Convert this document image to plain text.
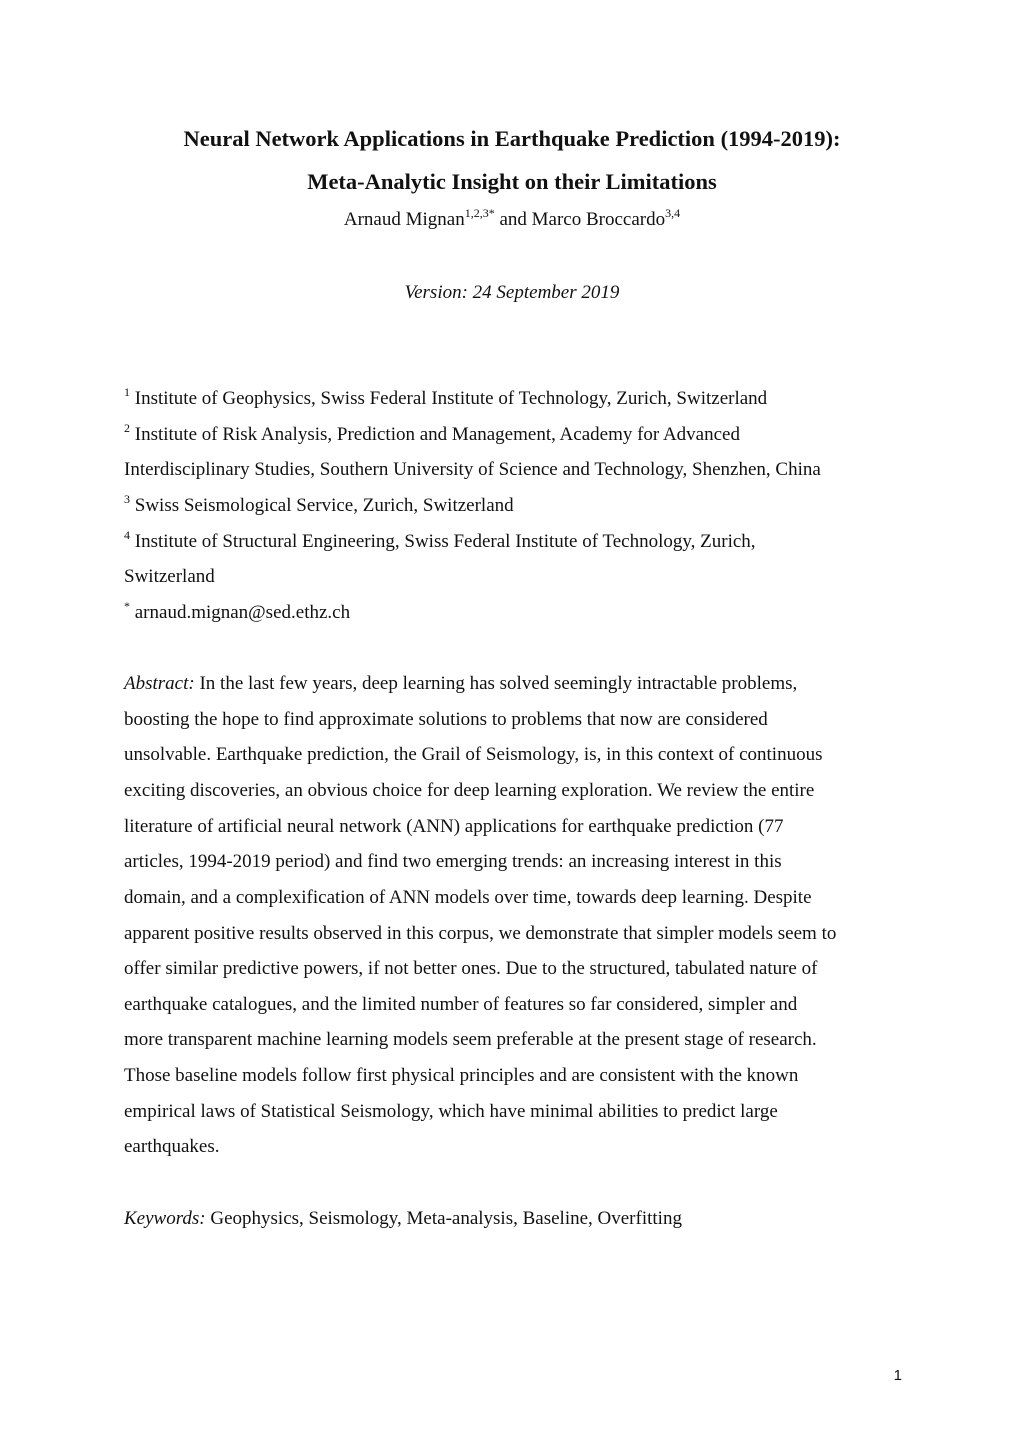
Neural Network Applications in Earthquake Prediction (1994-2019):
Meta-Analytic Insight on their Limitations
Arnaud Mignan$^{1,2,3*}$ and Marco Broccardo$^{3,4}$
Version: 24 September 2019
$^1$ Institute of Geophysics, Swiss Federal Institute of Technology, Zurich, Switzerland
$^2$ Institute of Risk Analysis, Prediction and Management, Academy for Advanced
Interdisciplinary Studies, Southern University of Science and Technology, Shenzhen, China
$^3$ Swiss Seismological Service, Zurich, Switzerland
$^4$ Institute of Structural Engineering, Swiss Federal Institute of Technology, Zurich,
Switzerland
* arnaud.mignan@sed.ethz.ch
Abstract: In the last few years, deep learning has solved seemingly intractable problems,
boosting the hope to find approximate solutions to problems that now are considered
unsolvable. Earthquake prediction, the Grail of Seismology, is, in this context of continuous
exciting discoveries, an obvious choice for deep learning exploration. We review the entire
literature of artificial neural network (ANN) applications for earthquake prediction (77
articles, 1994-2019 period) and find two emerging trends: an increasing interest in this
domain, and a complexification of ANN models over time, towards deep learning. Despite
apparent positive results observed in this corpus, we demonstrate that simpler models seem to
offer similar predictive powers, if not better ones. Due to the structured, tabulated nature of
earthquake catalogues, and the limited number of features so far considered, simpler and
more transparent machine learning models seem preferable at the present stage of research.
Those baseline models follow first physical principles and are consistent with the known
empirical laws of Statistical Seismology, which have minimal abilities to predict large
earthquakes.
Keywords: Geophysics, Seismology, Meta-analysis, Baseline, Overfitting
1
